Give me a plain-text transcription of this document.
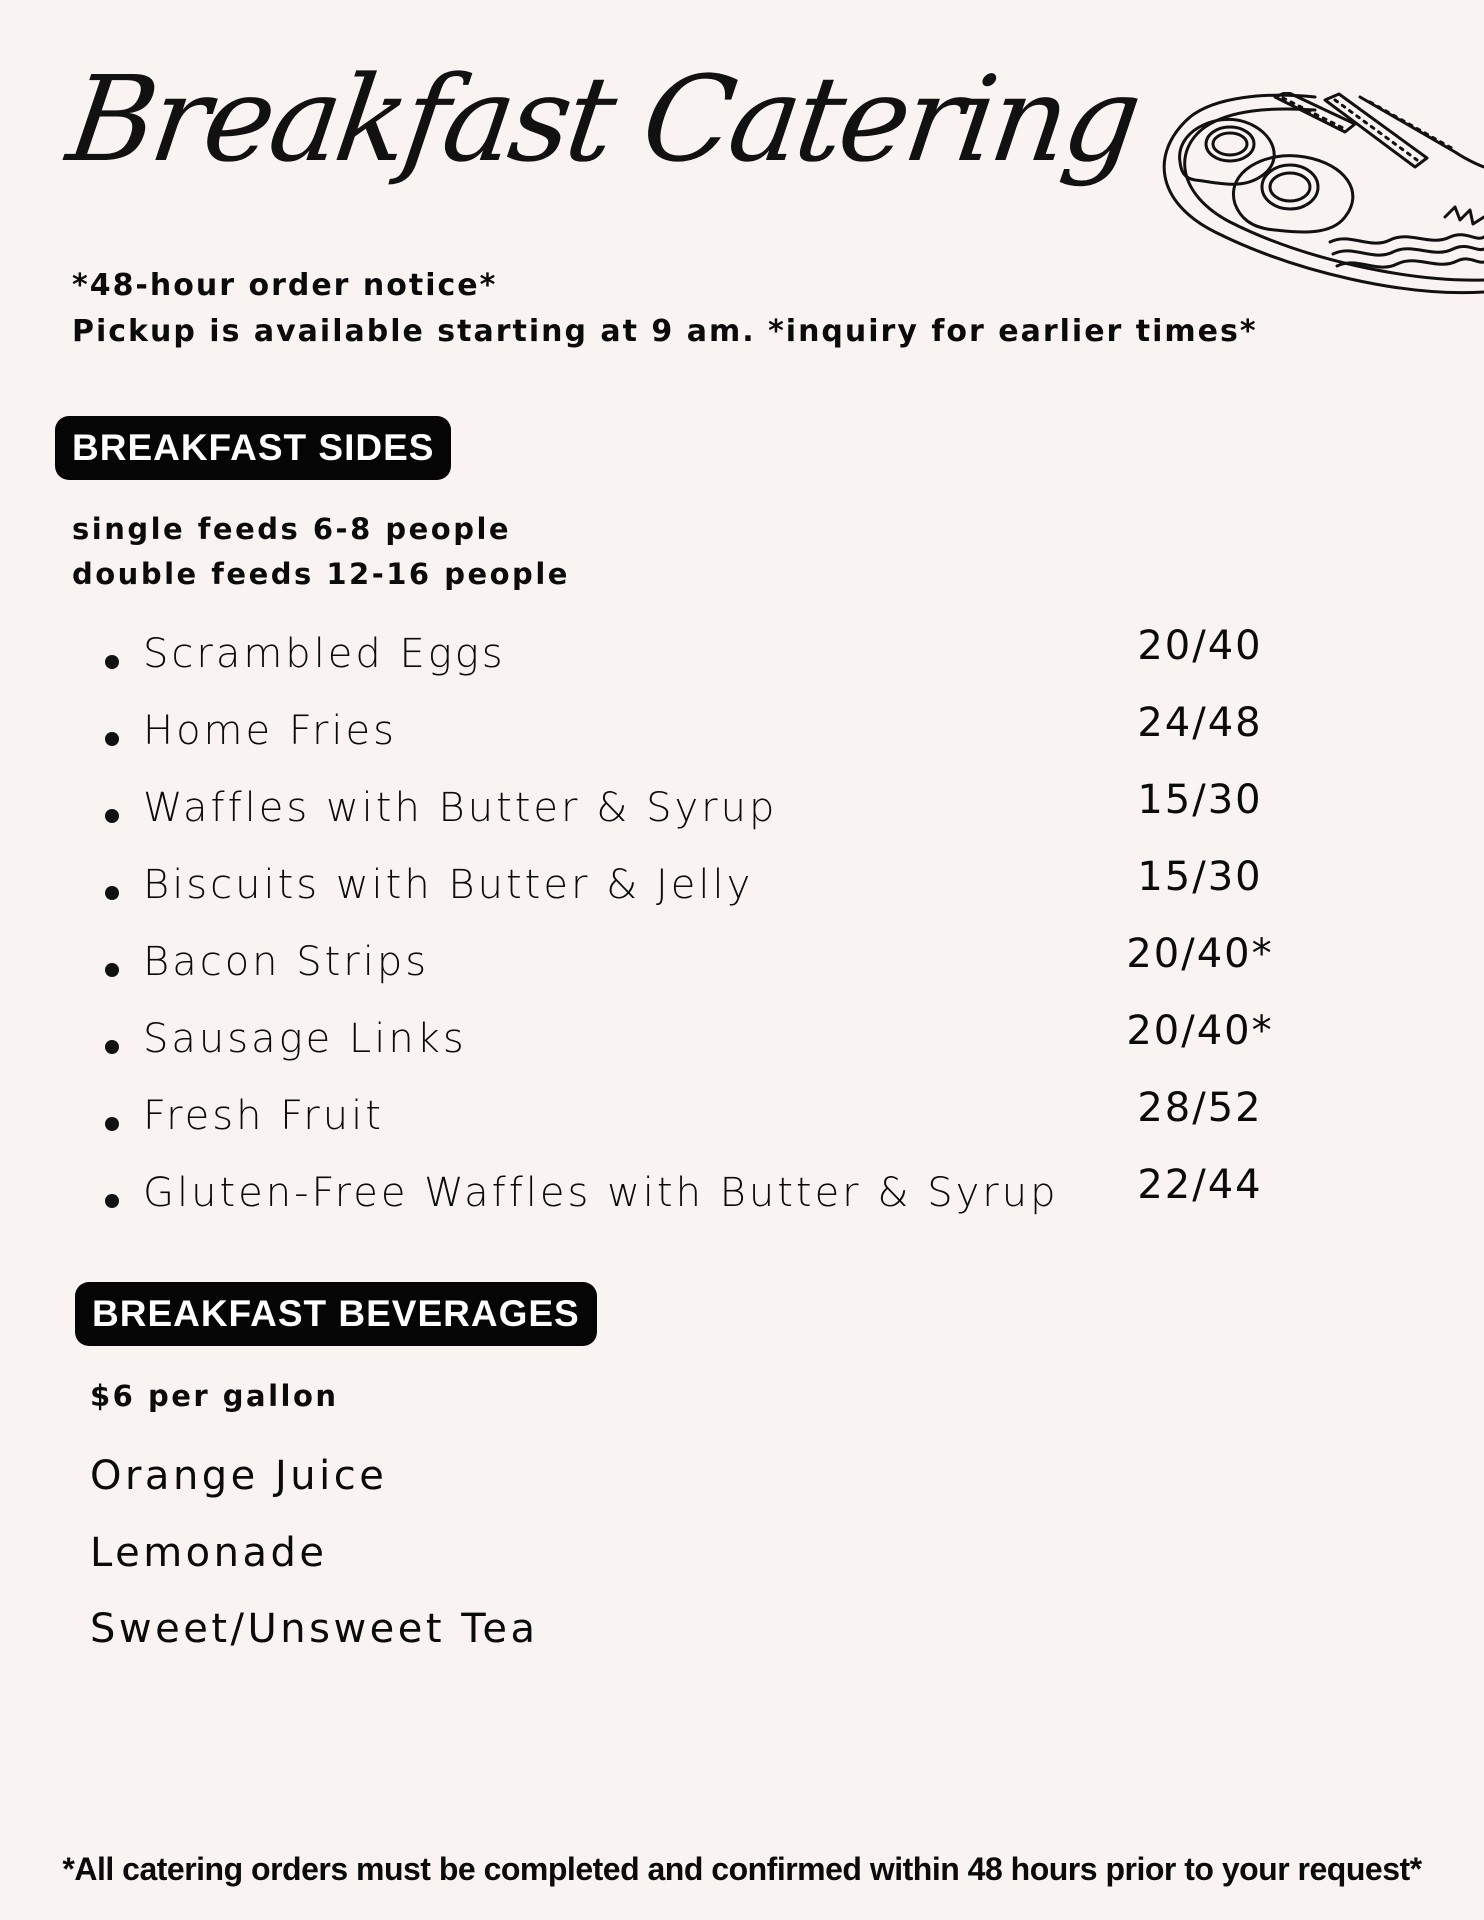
Breakfast Catering
*48-hour order notice*
Pickup is available starting at 9 am. *inquiry for earlier times*
BREAKFAST SIDES
single feeds 6-8 people
double feeds 12-16 people
Scrambled Eggs	20/40
Home Fries	24/48
Waffles with Butter & Syrup	15/30
Biscuits with Butter & Jelly	15/30
Bacon Strips	20/40*
Sausage Links	20/40*
Fresh Fruit	28/52
Gluten-Free Waffles with Butter & Syrup	22/44
BREAKFAST BEVERAGES
$6 per gallon
Orange Juice
Lemonade
Sweet/Unsweet Tea
*All catering orders must be completed and confirmed within 48 hours prior to your request*
